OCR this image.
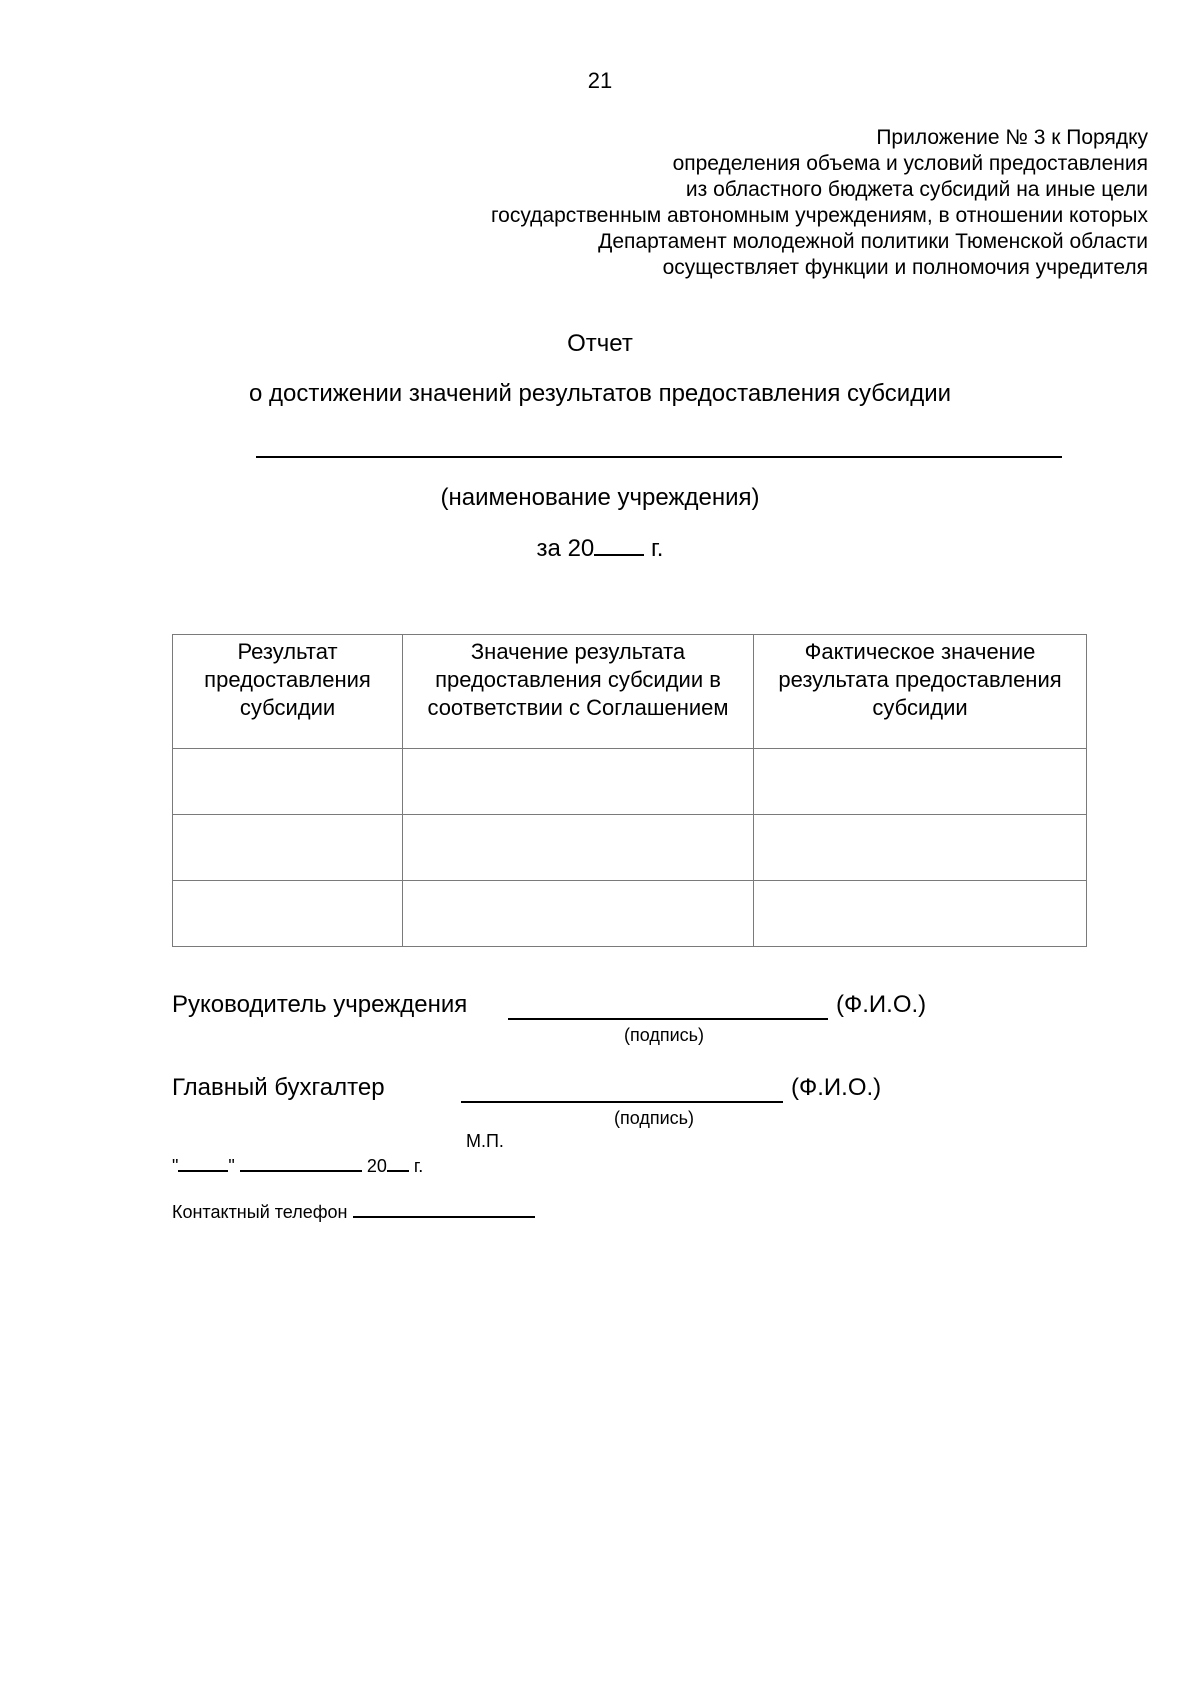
21
Приложение № 3 к Порядку
определения объема и условий предоставления
из областного бюджета субсидий на иные цели
государственным автономным учреждениям, в отношении которых
Департамент молодежной политики Тюменской области
осуществляет функции и полномочия учредителя
Отчет
о достижении значений результатов предоставления субсидии
(наименование учреждения)
за 20 г.
Результат предоставления субсидии	Значение результата предоставления субсидии в соответствии с Соглашением	Фактическое значение результата предоставления субсидии

Руководитель учреждения	(Ф.И.О.)
(подпись)
Главный бухгалтер	(Ф.И.О.)
(подпись)
М.П.
"	"	20 г.
Контактный телефон
